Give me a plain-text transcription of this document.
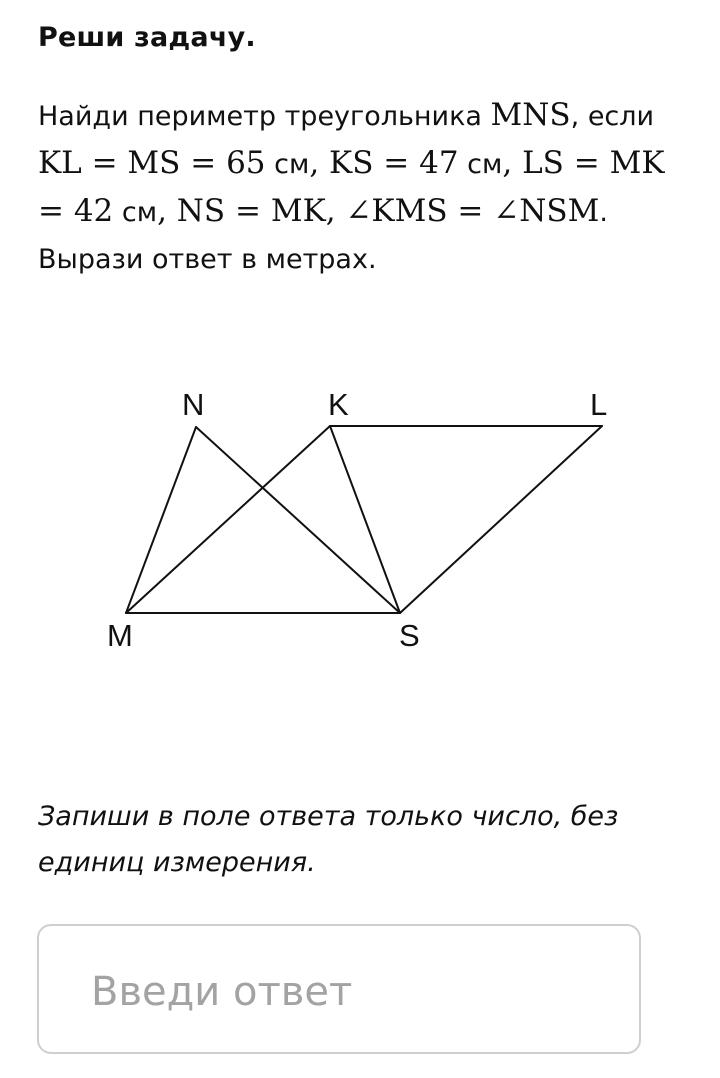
Реши задачу.
Найди периметр треугольника MNS, если KL = MS = 65 см, KS = 47 см, LS = MK = 42 см, NS = MK, ∠KMS = ∠NSM. Вырази ответ в метрах.
N	K	L
M	S
Запиши в поле ответа только число, без единиц измерения.
Введи ответ
